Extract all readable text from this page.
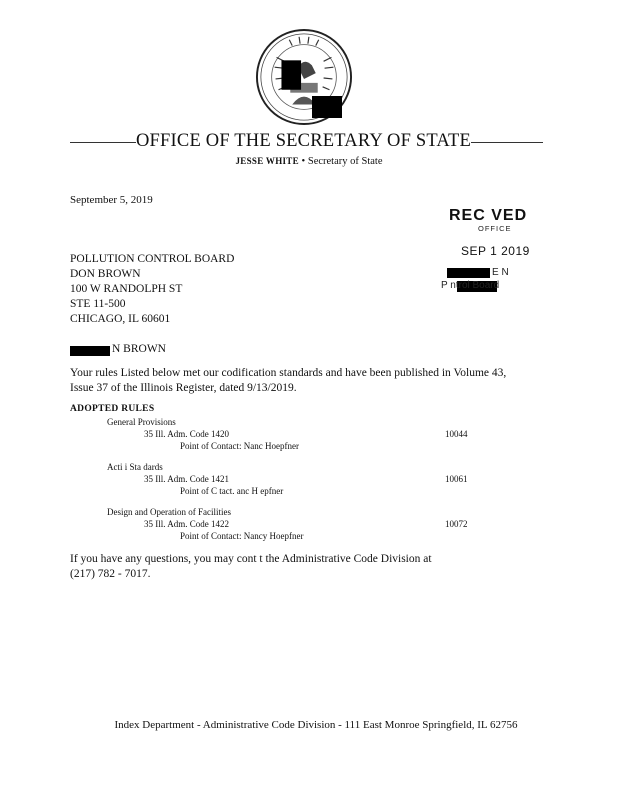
OFFICE OF THE SECRETARY OF STATE
JESSE WHITE • Secretary of State
September 5, 2019
REC VED
OFFICE
SEP 1 2019
E N
P ntrol Board
POLLUTION CONTROL BOARD
DON BROWN
100 W RANDOLPH ST
STE 11-500
CHICAGO, IL 60601
N BROWN
Your rules Listed below met our codification standards and have been published in Volume 43,
Issue 37 of the Illinois Register, dated 9/13/2019.
ADOPTED RULES
General Provisions
35 Ill. Adm. Code 1420	10044
Point of Contact: Nanc Hoepfner
Acti i Sta dards
35 Ill. Adm. Code 1421	10061
Point of C tact. anc H epfner
Design and Operation of Facilities
35 Ill. Adm. Code 1422	10072
Point of Contact: Nancy Hoepfner
If you have any questions, you may cont t the Administrative Code Division at
(217) 782 - 7017.
Index Department - Administrative Code Division - 111 East Monroe Springfield, IL 62756
